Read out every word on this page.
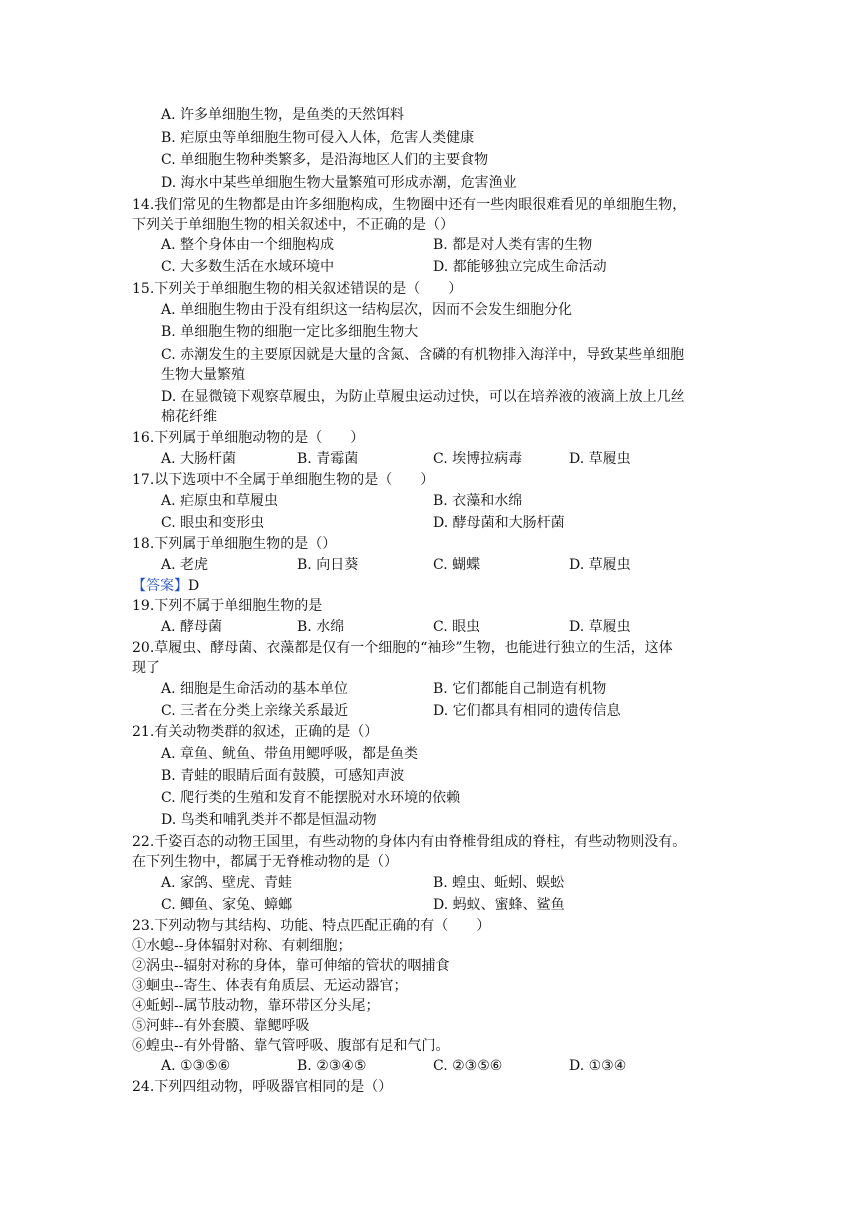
A. 许多单细胞生物，是鱼类的天然饵料
B. 疟原虫等单细胞生物可侵入人体，危害人类健康
C. 单细胞生物种类繁多，是沿海地区人们的主要食物
D. 海水中某些单细胞生物大量繁殖可形成赤潮，危害渔业
14.我们常见的生物都是由许多细胞构成，生物圈中还有一些肉眼很难看见的单细胞生物，
下列关于单细胞生物的相关叙述中，不正确的是（）
A. 整个身体由一个细胞构成	B. 都是对人类有害的生物
C. 大多数生活在水域环境中	D. 都能够独立完成生命活动
15.下列关于单细胞生物的相关叙述错误的是（　　）
A. 单细胞生物由于没有组织这一结构层次，因而不会发生细胞分化
B. 单细胞生物的细胞一定比多细胞生物大
C. 赤潮发生的主要原因就是大量的含氮、含磷的有机物排入海洋中，导致某些单细胞
生物大量繁殖
D. 在显微镜下观察草履虫，为防止草履虫运动过快，可以在培养液的液滴上放上几丝
棉花纤维
16.下列属于单细胞动物的是（　　）
A. 大肠杆菌	B. 青霉菌	C. 埃博拉病毒	D. 草履虫
17.以下选项中不全属于单细胞生物的是（　　）
A. 疟原虫和草履虫	B. 衣藻和水绵
C. 眼虫和变形虫	D. 酵母菌和大肠杆菌
18.下列属于单细胞生物的是（）
A. 老虎	B. 向日葵	C. 蝴蝶	D. 草履虫
【答案】D
19.下列不属于单细胞生物的是
A. 酵母菌	B. 水绵	C. 眼虫	D. 草履虫
20.草履虫、酵母菌、衣藻都是仅有一个细胞的“袖珍”生物，也能进行独立的生活，这体
现了
A. 细胞是生命活动的基本单位	B. 它们都能自己制造有机物
C. 三者在分类上亲缘关系最近	D. 它们都具有相同的遗传信息
21.有关动物类群的叙述，正确的是（）
A. 章鱼、鱿鱼、带鱼用鳃呼吸，都是鱼类
B. 青蛙的眼睛后面有鼓膜，可感知声波
C. 爬行类的生殖和发育不能摆脱对水环境的依赖
D. 鸟类和哺乳类并不都是恒温动物
22.千姿百态的动物王国里，有些动物的身体内有由脊椎骨组成的脊柱，有些动物则没有。
在下列生物中，都属于无脊椎动物的是（）
A. 家鸽、壁虎、青蛙	B. 蝗虫、蚯蚓、蜈蚣
C. 鲫鱼、家兔、蟑螂	D. 蚂蚁、蜜蜂、鲨鱼
23.下列动物与其结构、功能、特点匹配正确的有（　　）
①水螅--身体辐射对称、有刺细胞；
②涡虫--辐射对称的身体，靠可伸缩的管状的咽捕食
③蛔虫--寄生、体表有角质层、无运动器官；
④蚯蚓--属节肢动物，靠环带区分头尾；
⑤河蚌--有外套膜、靠鳃呼吸
⑥蝗虫--有外骨骼、靠气管呼吸、腹部有足和气门。
A. ①③⑤⑥	B. ②③④⑤	C. ②③⑤⑥	D. ①③④
24.下列四组动物，呼吸器官相同的是（）
